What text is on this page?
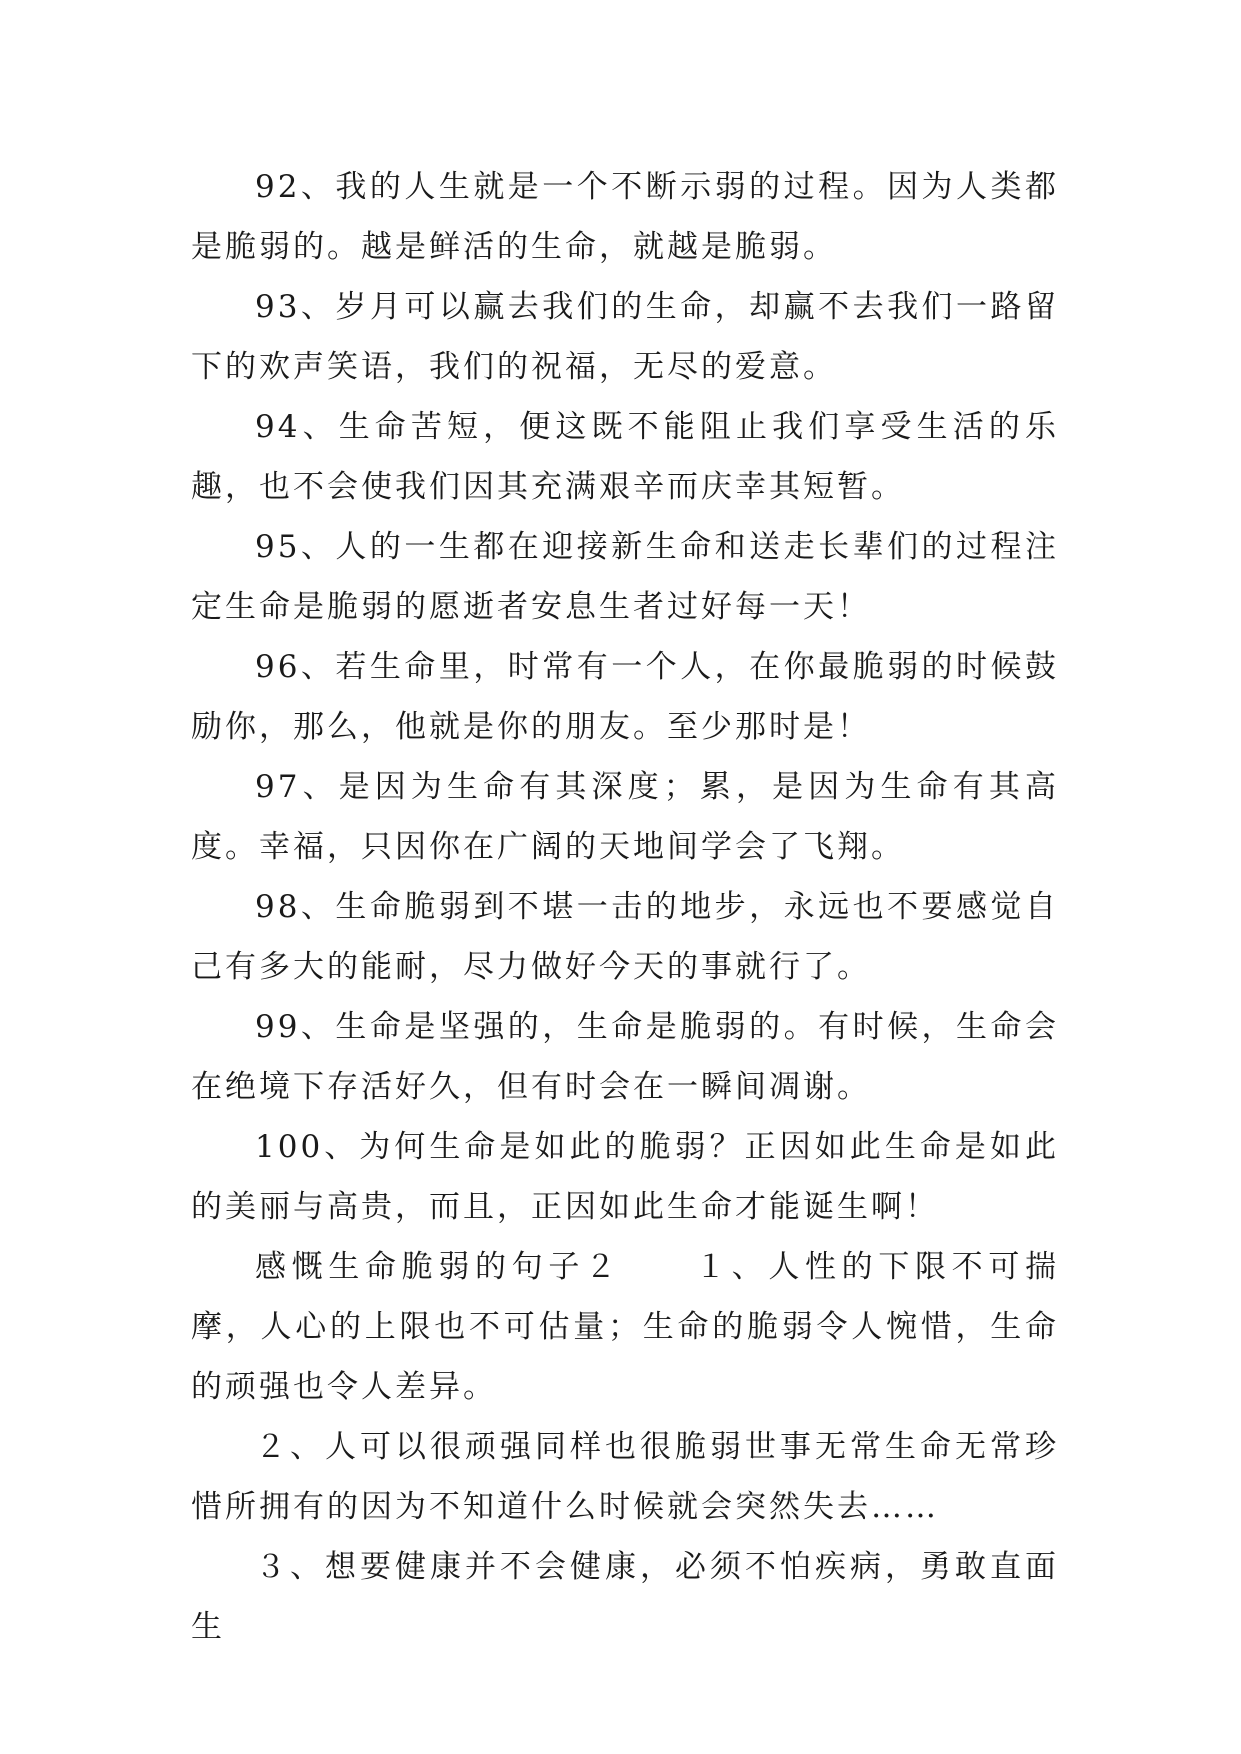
92、我的人生就是一个不断示弱的过程。因为人类都是脆弱的。越是鲜活的生命，就越是脆弱。

93、岁月可以赢去我们的生命，却赢不去我们一路留下的欢声笑语，我们的祝福，无尽的爱意。

94、生命苦短，便这既不能阻止我们享受生活的乐趣，也不会使我们因其充满艰辛而庆幸其短暂。

95、人的一生都在迎接新生命和送走长辈们的过程注定生命是脆弱的愿逝者安息生者过好每一天！

96、若生命里，时常有一个人，在你最脆弱的时候鼓励你，那么，他就是你的朋友。至少那时是！

97、是因为生命有其深度；累，是因为生命有其高度。幸福，只因你在广阔的天地间学会了飞翔。

98、生命脆弱到不堪一击的地步，永远也不要感觉自己有多大的能耐，尽力做好今天的事就行了。

99、生命是坚强的，生命是脆弱的。有时候，生命会在绝境下存活好久，但有时会在一瞬间凋谢。

100、为何生命是如此的脆弱？正因如此生命是如此的美丽与高贵，而且，正因如此生命才能诞生啊！

感慨生命脆弱的句子２　　１、人性的下限不可揣摩，人心的上限也不可估量；生命的脆弱令人惋惜，生命的顽强也令人差异。

２、人可以很顽强同样也很脆弱世事无常生命无常珍惜所拥有的因为不知道什么时候就会突然失去……

３、想要健康并不会健康，必须不怕疾病，勇敢直面生
